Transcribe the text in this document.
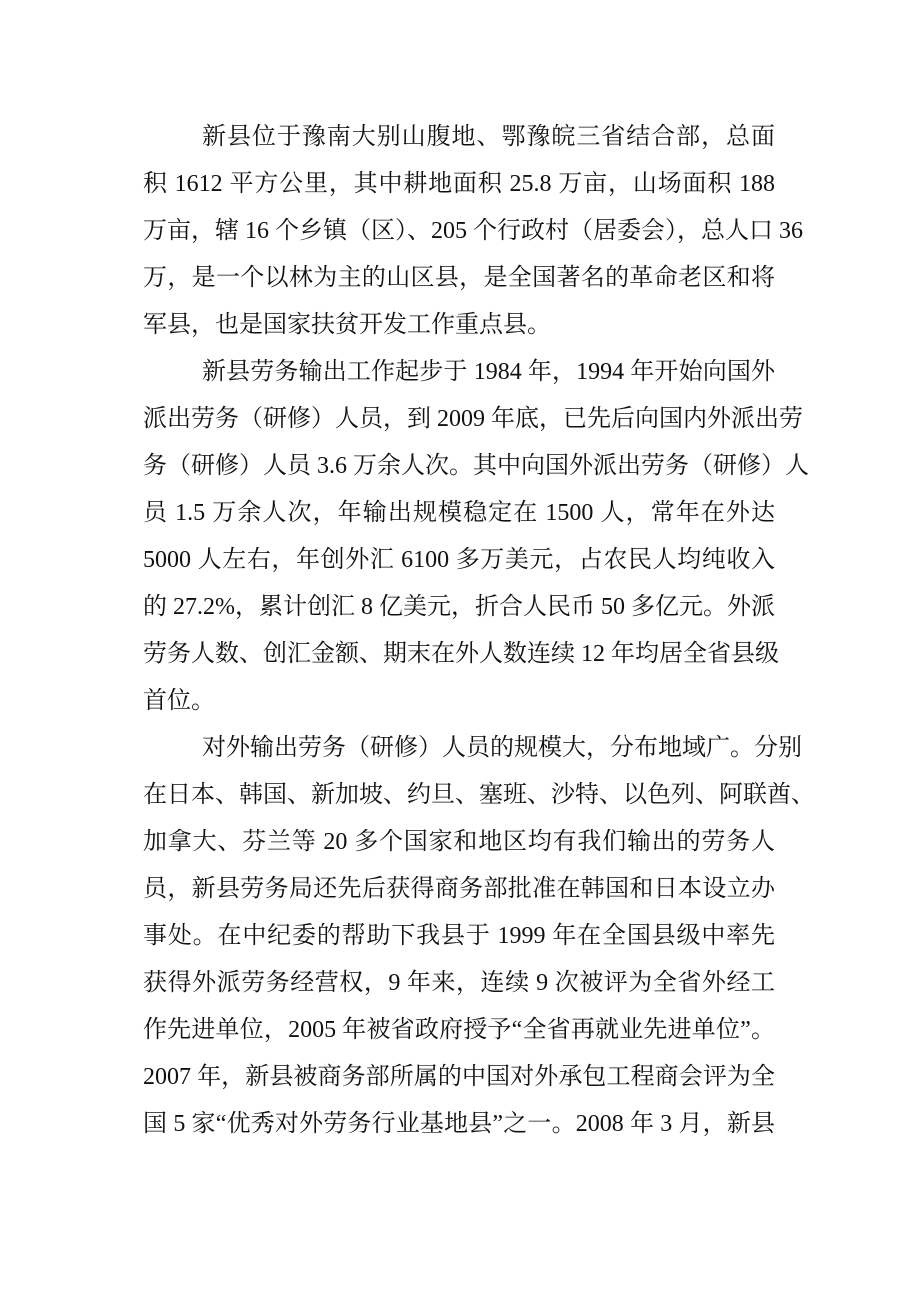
新县位于豫南大别山腹地、鄂豫皖三省结合部，总面
积 1612 平方公里，其中耕地面积 25.8 万亩，山场面积 188
万亩，辖 16 个乡镇（区）、205 个行政村（居委会），总人口 36
万，是一个以林为主的山区县，是全国著名的革命老区和将
军县，也是国家扶贫开发工作重点县。
新县劳务输出工作起步于 1984 年，1994 年开始向国外
派出劳务（研修）人员，到 2009 年底，已先后向国内外派出劳
务（研修）人员 3.6 万余人次。其中向国外派出劳务（研修）人
员 1.5 万余人次，年输出规模稳定在 1500 人，常年在外达
5000 人左右，年创外汇 6100 多万美元，占农民人均纯收入
的 27.2%，累计创汇 8 亿美元，折合人民币 50 多亿元。外派
劳务人数、创汇金额、期末在外人数连续 12 年均居全省县级
首位。
对外输出劳务（研修）人员的规模大，分布地域广。分别
在日本、韩国、新加坡、约旦、塞班、沙特、以色列、阿联酋、
加拿大、芬兰等 20 多个国家和地区均有我们输出的劳务人
员，新县劳务局还先后获得商务部批准在韩国和日本设立办
事处。在中纪委的帮助下我县于 1999 年在全国县级中率先
获得外派劳务经营权，9 年来，连续 9 次被评为全省外经工
作先进单位，2005 年被省政府授予“全省再就业先进单位”。
2007 年，新县被商务部所属的中国对外承包工程商会评为全
国 5 家“优秀对外劳务行业基地县”之一。2008 年 3 月，新县
